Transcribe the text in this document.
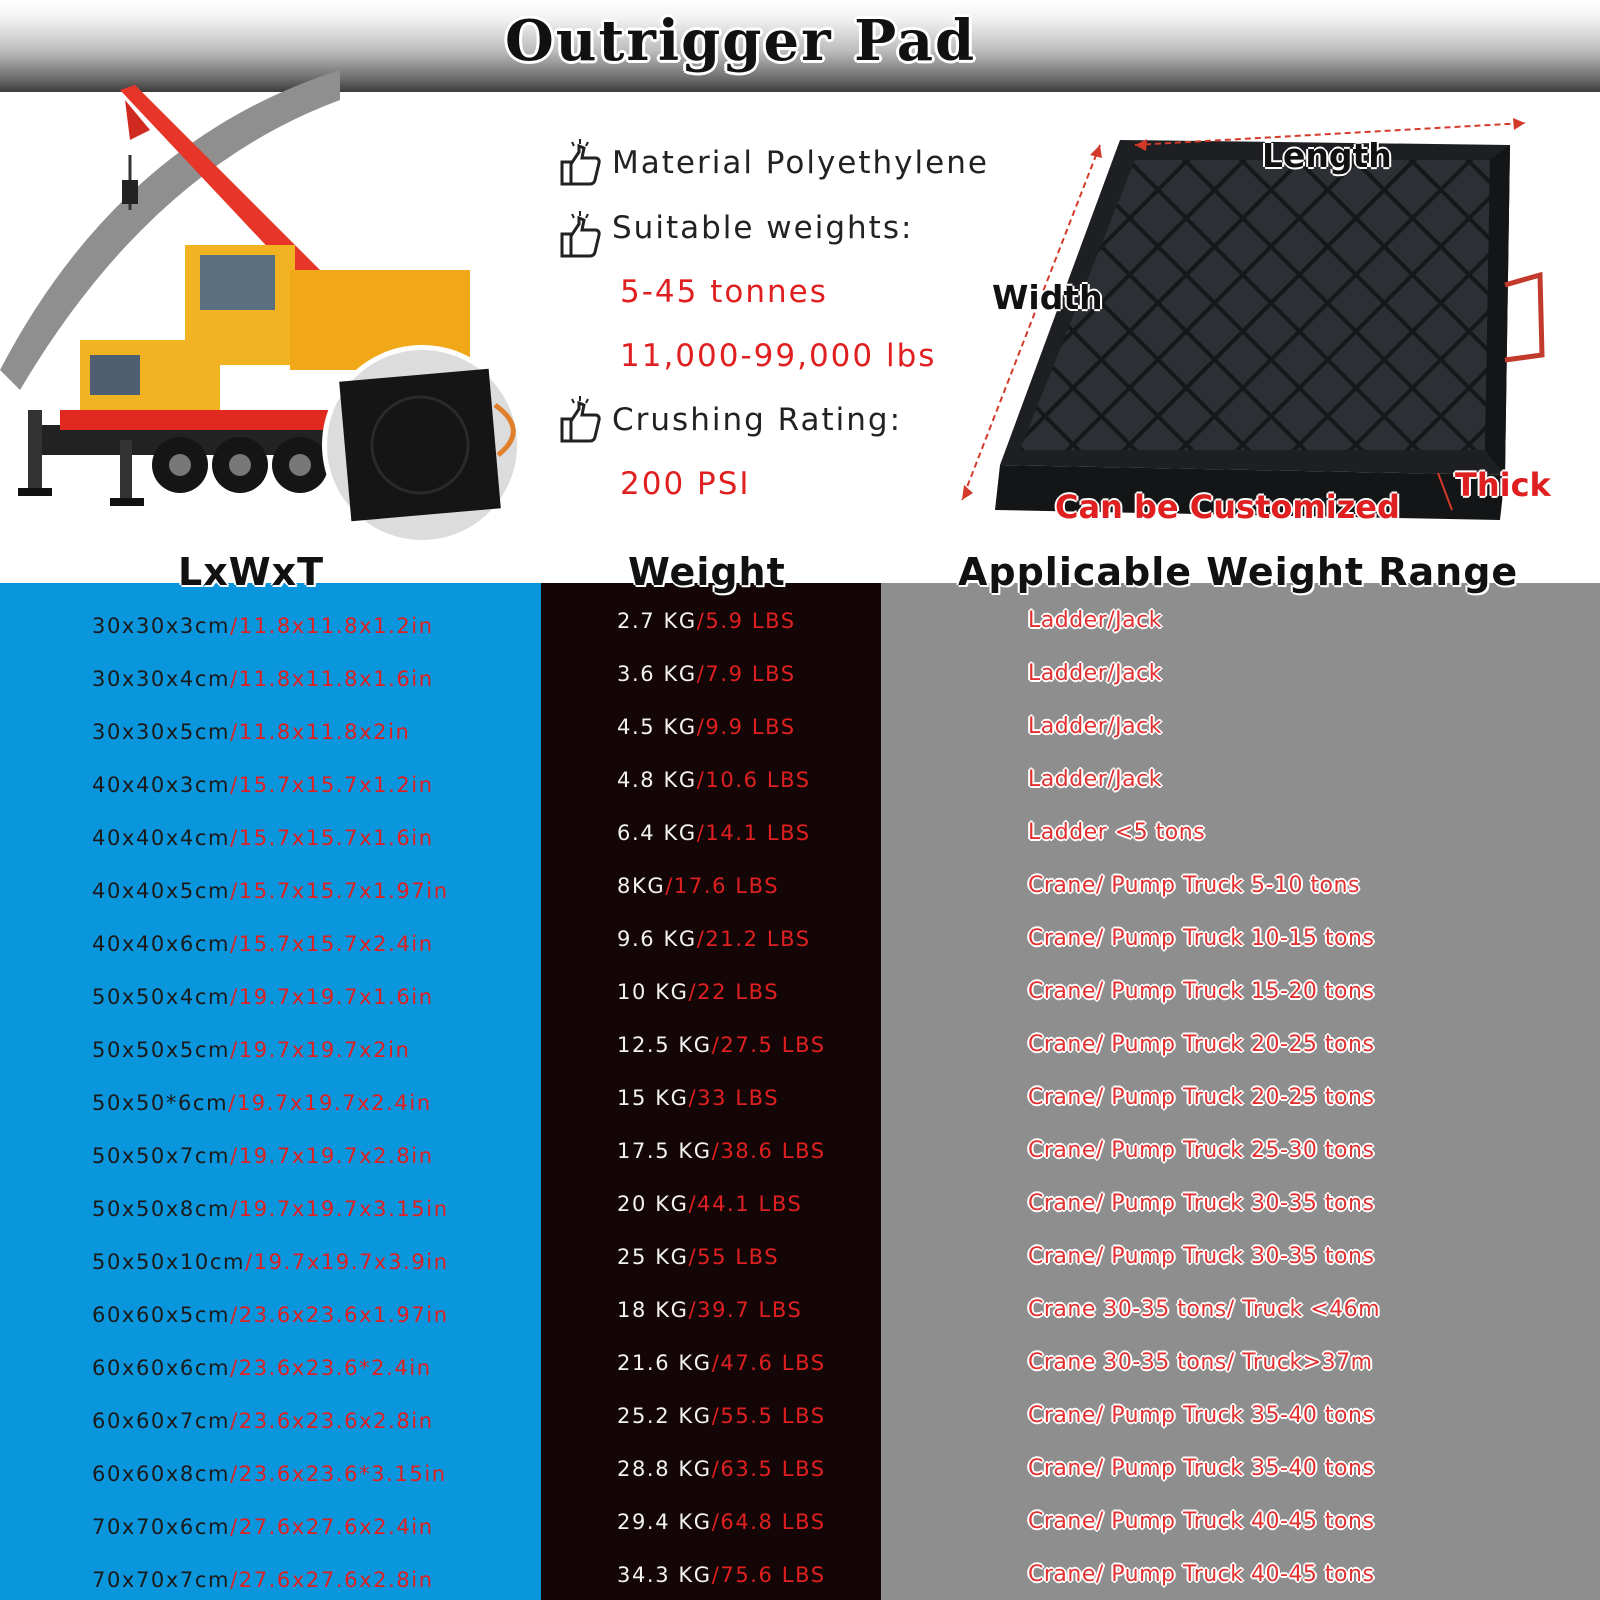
Outrigger Pad
Material Polyethylene
Suitable weights:
5-45 tonnes
11,000-99,000 lbs
Crushing Rating:
200 PSI
Length
Width
Thick
Can be Customized
LxWxT	Weight	Applicable Weight Range
30x30x3cm/11.8x11.8x1.2in	2.7 KG/5.9 LBS	Ladder/Jack
30x30x4cm/11.8x11.8x1.6in	3.6 KG/7.9 LBS	Ladder/Jack
30x30x5cm/11.8x11.8x2in	4.5 KG/9.9 LBS	Ladder/Jack
40x40x3cm/15.7x15.7x1.2in	4.8 KG/10.6 LBS	Ladder/Jack
40x40x4cm/15.7x15.7x1.6in	6.4 KG/14.1 LBS	Ladder <5 tons
40x40x5cm/15.7x15.7x1.97in	8KG/17.6 LBS	Crane/ Pump Truck 5-10 tons
40x40x6cm/15.7x15.7x2.4in	9.6 KG/21.2 LBS	Crane/ Pump Truck 10-15 tons
50x50x4cm/19.7x19.7x1.6in	10 KG/22 LBS	Crane/ Pump Truck 15-20 tons
50x50x5cm/19.7x19.7x2in	12.5 KG/27.5 LBS	Crane/ Pump Truck 20-25 tons
50x50*6cm/19.7x19.7x2.4in	15 KG/33 LBS	Crane/ Pump Truck 20-25 tons
50x50x7cm/19.7x19.7x2.8in	17.5 KG/38.6 LBS	Crane/ Pump Truck 25-30 tons
50x50x8cm/19.7x19.7x3.15in	20 KG/44.1 LBS	Crane/ Pump Truck 30-35 tons
50x50x10cm/19.7x19.7x3.9in	25 KG/55 LBS	Crane/ Pump Truck 30-35 tons
60x60x5cm/23.6x23.6x1.97in	18 KG/39.7 LBS	Crane 30-35 tons/ Truck <46m
60x60x6cm/23.6x23.6*2.4in	21.6 KG/47.6 LBS	Crane 30-35 tons/ Truck>37m
60x60x7cm/23.6x23.6x2.8in	25.2 KG/55.5 LBS	Crane/ Pump Truck 35-40 tons
60x60x8cm/23.6x23.6*3.15in	28.8 KG/63.5 LBS	Crane/ Pump Truck 35-40 tons
70x70x6cm/27.6x27.6x2.4in	29.4 KG/64.8 LBS	Crane/ Pump Truck 40-45 tons
70x70x7cm/27.6x27.6x2.8in	34.3 KG/75.6 LBS	Crane/ Pump Truck 40-45 tons
